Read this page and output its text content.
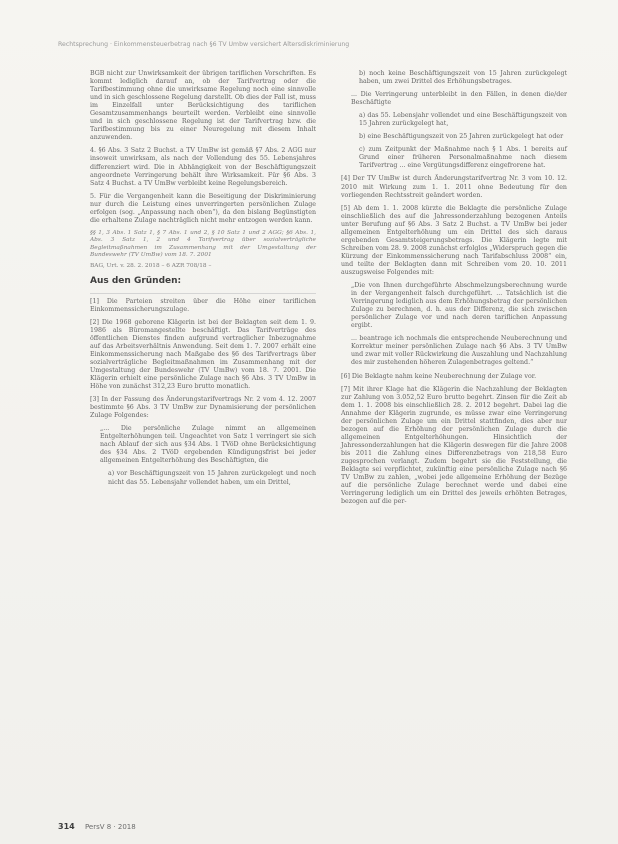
Rechtsprechung · Einkommensteuerbetrag nach §6 TV Umbw versichert Altersdiskriminierung

BGB nicht zur Unwirksamkeit der übrigen tariflichen Vorschriften. Es kommt lediglich darauf an, ob der Tarifvertrag oder die Tarifbestimmung ohne die unwirksame Regelung noch eine sinnvolle und in sich geschlossene Regelung darstellt. Ob dies der Fall ist, muss im Einzelfall unter Berücksichtigung des tariflichen Gesamtzusammenhangs beurteilt werden. Verbleibt eine sinnvolle und in sich geschlossene Regelung ist der Tarifvertrag bzw. die Tarifbestimmung bis zu einer Neuregelung mit diesem Inhalt anzuwenden.

4. §6 Abs. 3 Satz 2 Buchst. a TV UmBw ist gemäß §7 Abs. 2 AGG nur insoweit unwirksam, als nach der Vollendung des 55. Lebensjahres differenziert wird. Die in Abhängigkeit von der Beschäftigungszeit angeordnete Verringerung behält ihre Wirksamkeit. Für §6 Abs. 3 Satz 4 Buchst. a TV UmBw verbleibt keine Regelungsbereich.

5. Für die Vergangenheit kann die Beseitigung der Diskriminierung nur durch die Leistung eines unverringerten persönlichen Zulage erfolgen (sog. „Anpassung nach oben“), da den bislang Begünstigten die erhaltene Zulage nachträglich nicht mehr entzogen werden kann.

§§ 1, 3 Abs. 1 Satz 1, § 7 Abs. 1 und 2, § 10 Satz 1 und 2 AGG; §6 Abs. 1, Abs. 3 Satz 1, 2 und 4 Tarifvertrag über sozialverträgliche Begleitmaßnahmen im Zusammenhang mit der Umgestaltung der Bundeswehr (TV UmBw) vom 18. 7. 2001

BAG, Urt. v. 28. 2. 2018 – 6 AZR 708/18 –

Aus den Gründen:

[1] Die Parteien streiten über die Höhe einer tariflichen Einkommenssicherungszulage.

[2] Die 1968 geborene Klägerin ist bei der Beklagten seit dem 1. 9. 1986 als Büromangestellte beschäftigt. Das Tarifverträge des öffentlichen Dienstes finden aufgrund vertraglicher Inbezugnahme auf das Arbeitsverhältnis Anwendung. Seit dem 1. 7. 2007 erhält eine Einkommenssicherung nach Maßgabe des §6 des Tarifvertrags über sozialverträgliche Begleitmaßnahmen im Zusammenhang mit der Umgestaltung der Bundeswehr (TV UmBw) vom 18. 7. 2001. Die Klägerin erhielt eine persönliche Zulage nach §6 Abs. 3 TV UmBw in Höhe von zunächst 312,23 Euro brutto monatlich.

[3] In der Fassung des Änderungstarifvertrags Nr. 2 vom 4. 12. 2007 bestimmte §6 Abs. 3 TV UmBw zur Dynamisierung der persönlichen Zulage Folgendes:

„... Die persönliche Zulage nimmt an allgemeinen Entgelterhöhungen teil. Ungeachtet von Satz 1 verringert sie sich nach Ablauf der sich aus §34 Abs. 1 TVöD ohne Berücksichtigung des §34 Abs. 2 TVöD ergebenden Kündigungsfrist bei jeder allgemeinen Entgelterhöhung des Beschäftigten, die

a) vor Beschäftigungszeit von 15 Jahren zurückgelegt und noch nicht das 55. Lebensjahr vollendet haben, um ein Drittel,

b) noch keine Beschäftigungszeit von 15 Jahren zurückgelegt haben, um zwei Drittel des Erhöhungsbetrages.

... Die Verringerung unterbleibt in den Fällen, in denen die/der Beschäftigte

a) das 55. Lebensjahr vollendet und eine Beschäftigungszeit von 15 Jahren zurückgelegt hat,

b) eine Beschäftigungszeit von 25 Jahren zurückgelegt hat oder

c) zum Zeitpunkt der Maßnahme nach § 1 Abs. 1 bereits auf Grund einer früheren Personalmaßnahme nach diesem Tarifvertrag ... eine Vergütungsdifferenz eingefrorene hat.

[4] Der TV UmBw ist durch Änderungstarifvertrag Nr. 3 vom 10. 12. 2010 mit Wirkung zum 1. 1. 2011 ohne Bedeutung für den vorliegenden Rechtsstreit geändert worden.

[5] Ab dem 1. 1. 2008 kürzte die Beklagte die persönliche Zulage einschließlich des auf die Jahressonderzahlung bezogenen Anteils unter Berufung auf §6 Abs. 3 Satz 2 Buchst. a TV UmBw bei jeder allgemeinen Entgelterhöhung um ein Drittel des sich daraus ergebenden Gesamtsteigerungsbetrags. Die Klägerin legte mit Schreiben vom 28. 9. 2008 zunächst erfolglos „Widerspruch gegen die Kürzung der Einkommenssicherung nach Tarifabschluss 2008“ ein, und teilte der Beklagten dann mit Schreiben vom 20. 10. 2011 auszugsweise Folgendes mit:

„Die von Ihnen durchgeführte Abschmelzungsberechnung wurde in der Vergangenheit falsch durchgeführt. ... Tatsächlich ist die Verringerung lediglich aus dem Erhöhungsbetrag der persönlichen Zulage zu berechnen, d. h. aus der Differenz, die sich zwischen persönlicher Zulage vor und nach deren tariflichen Anpassung ergibt.

... beantrage ich nochmals die entsprechende Neuberechnung und Korrektur meiner persönlichen Zulage nach §6 Abs. 3 TV UmBw und zwar mit voller Rückwirkung die Auszahlung und Nachzahlung des mir zustehenden höheren Zulagenbetrages geltend.“

[6] Die Beklagte nahm keine Neuberechnung der Zulage vor.

[7] Mit ihrer Klage hat die Klägerin die Nachzahlung der Beklagten zur Zahlung von 3.052,52 Euro brutto begehrt. Zinsen für die Zeit ab dem 1. 1. 2008 bis einschließlich 28. 2. 2012 begehrt. Dabei lag die Annahme der Klägerin zugrunde, es müsse zwar eine Verringerung der persönlichen Zulage um ein Drittel stattfinden, dies aber nur bezogen auf die Erhöhung der persönlichen Zulage durch die allgemeinen Entgelterhöhungen. Hinsichtlich der Jahressonderzahlungen hat die Klägerin deswegen für die Jahre 2008 bis 2011 die Zahlung eines Differenzbetrags von 218,58 Euro zugesprochen verlangt. Zudem begehrt sie die Feststellung, die Beklagte sei verpflichtet, zukünftig eine persönliche Zulage nach §6 TV UmBw zu zahlen, „wobei jede allgemeine Erhöhung der Bezüge auf die persönliche Zulage berechnet werde und dabei eine Verringerung lediglich um ein Drittel des jeweils erhöhten Betrages, bezogen auf die per-

314 PersV 8 · 2018
